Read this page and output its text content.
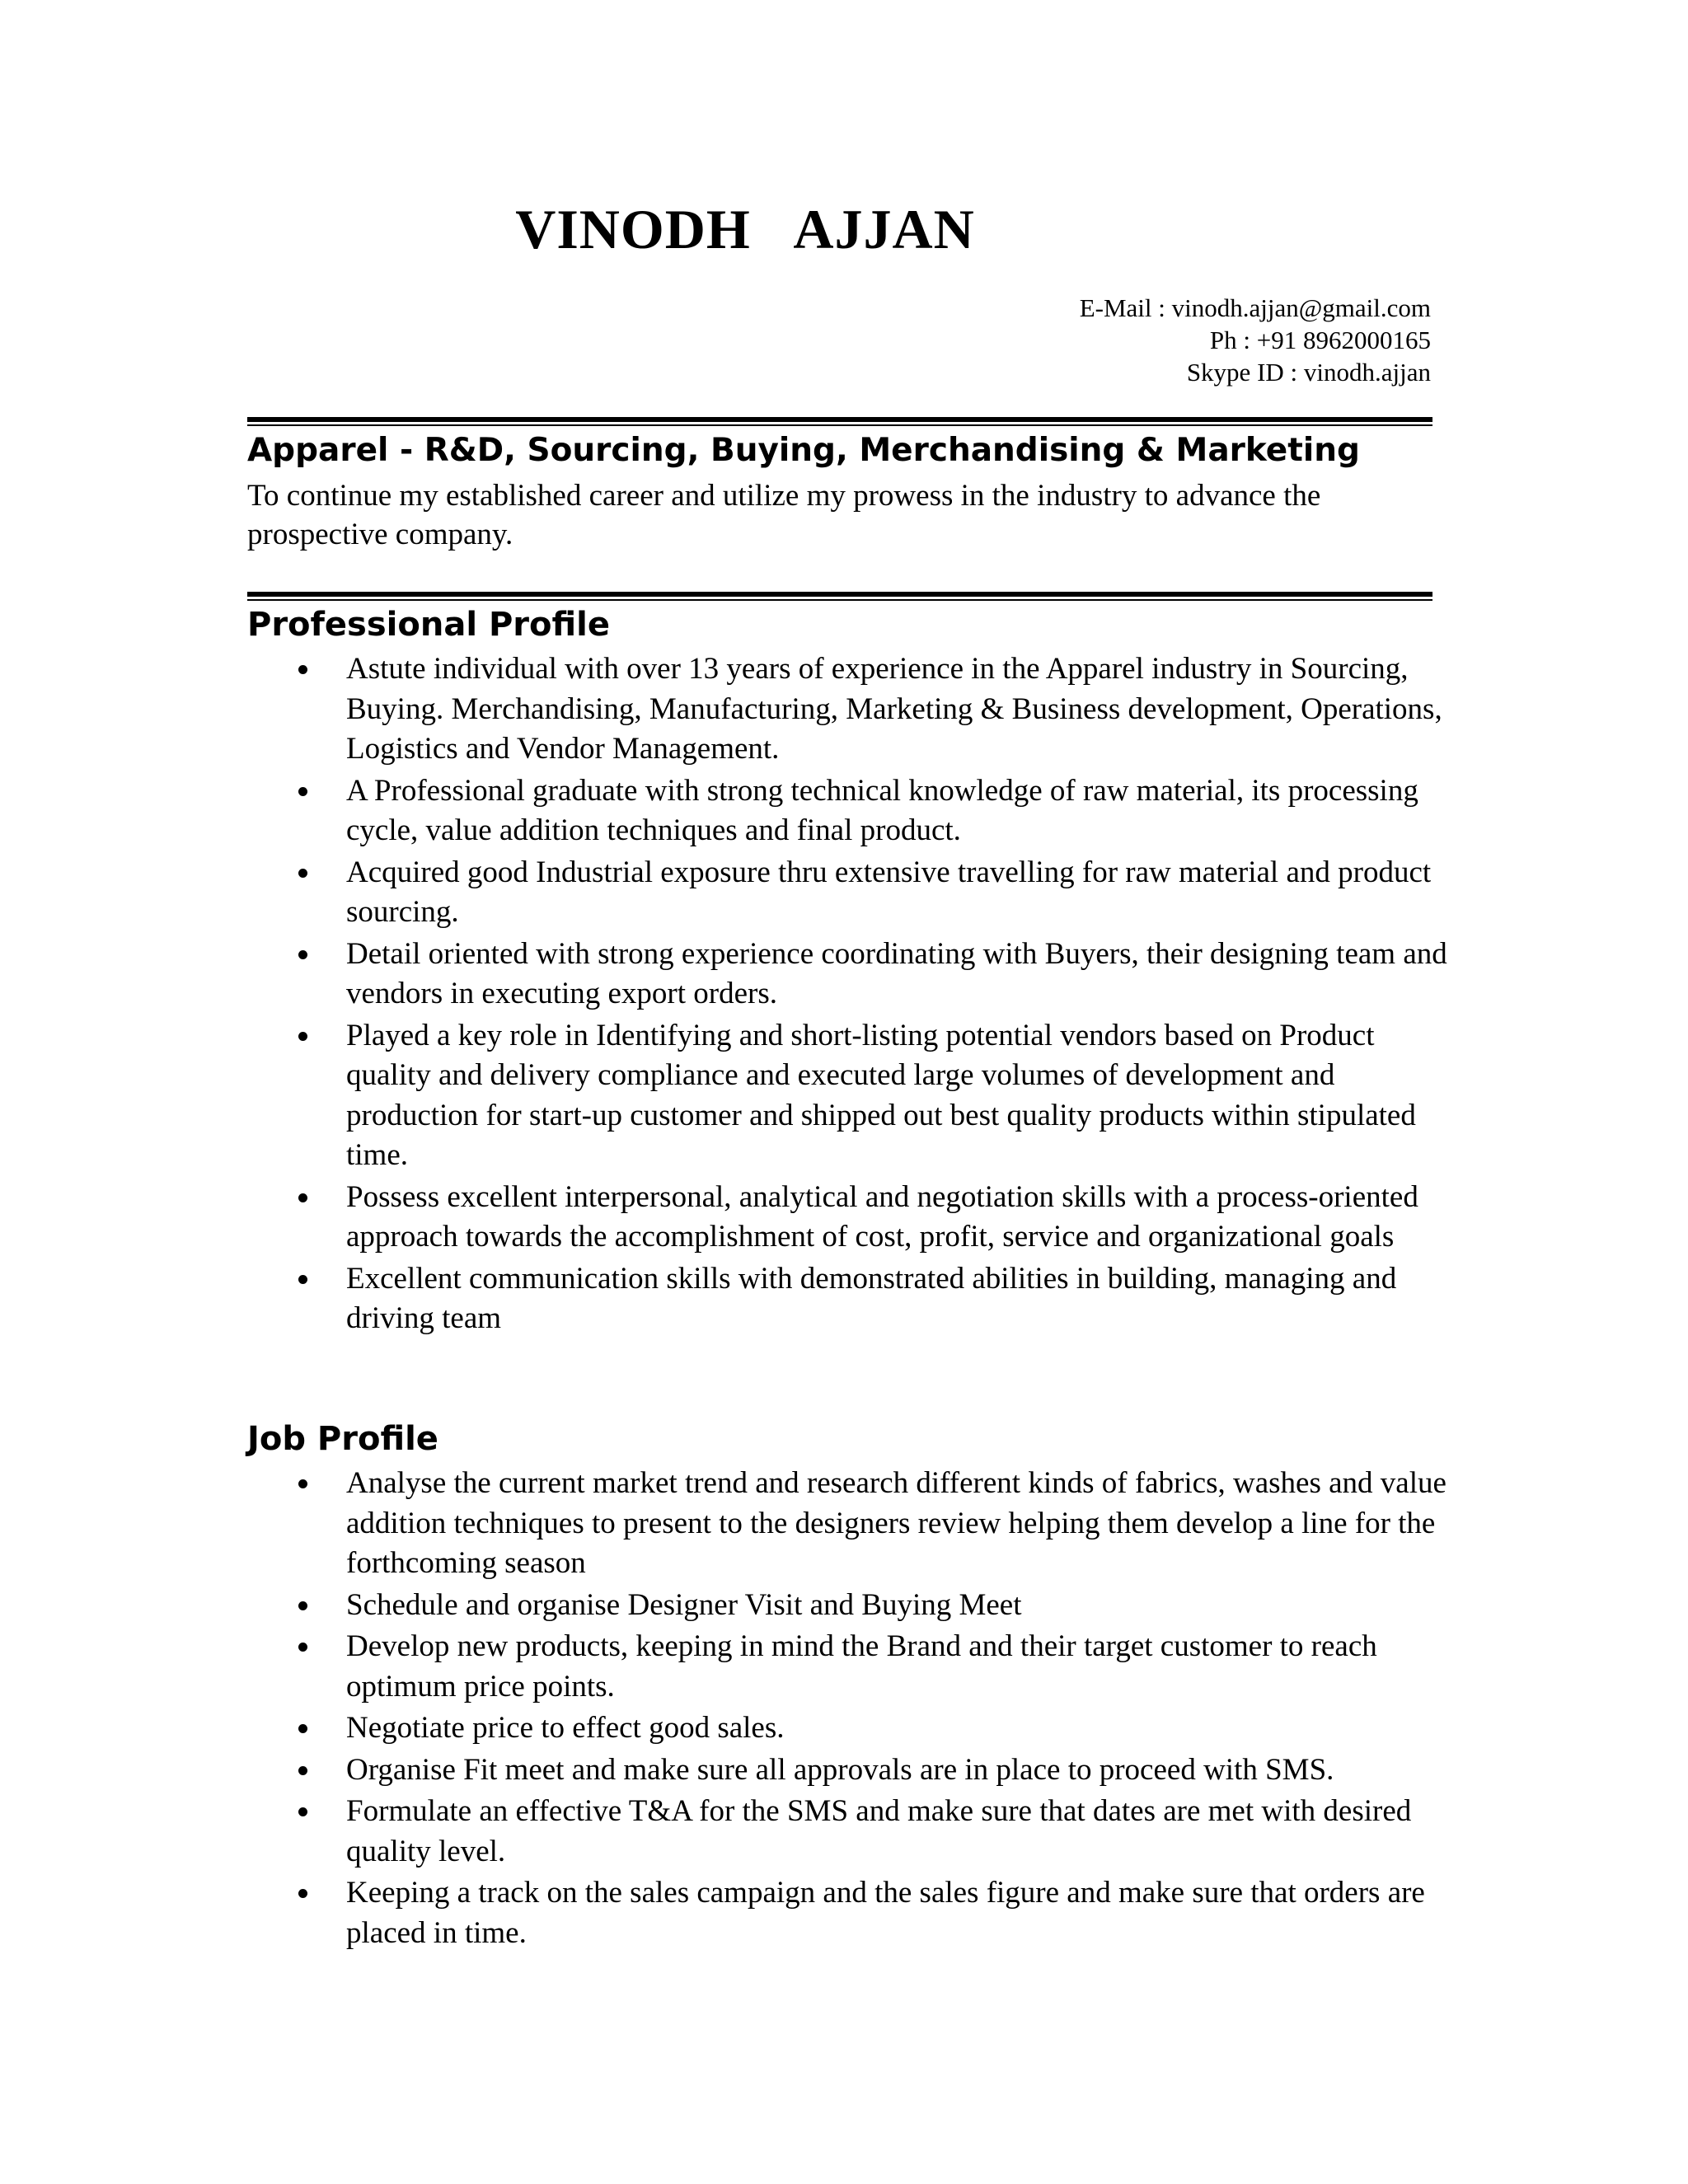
VINODH AJJAN
E-Mail : vinodh.ajjan@gmail.com
Ph : +91 8962000165
Skype ID : vinodh.ajjan
Apparel - R&D, Sourcing, Buying, Merchandising & Marketing
To continue my established career and utilize my prowess in the industry to advance the prospective company.
Professional Profile
Astute individual with over 13 years of experience in the Apparel industry in Sourcing, Buying. Merchandising, Manufacturing, Marketing & Business development, Operations, Logistics and Vendor Management.
A Professional graduate with strong technical knowledge of raw material, its processing cycle, value addition techniques and final product.
Acquired good Industrial exposure thru extensive travelling for raw material and product sourcing.
Detail oriented with strong experience coordinating with Buyers, their designing team and vendors in executing export orders.
Played a key role in Identifying and short-listing potential vendors based on Product quality and delivery compliance and executed large volumes of development and production for start-up customer and shipped out best quality products within stipulated time.
Possess excellent interpersonal, analytical and negotiation skills with a process-oriented approach towards the accomplishment of cost, profit, service and organizational goals
Excellent communication skills with demonstrated abilities in building, managing and driving team
Job Profile
Analyse the current market trend and research different kinds of fabrics, washes and value addition techniques to present to the designers review helping them develop a line for the forthcoming season
Schedule and organise Designer Visit and Buying Meet
Develop new products, keeping in mind the Brand and their target customer to reach optimum price points.
Negotiate price to effect good sales.
Organise Fit meet and make sure all approvals are in place to proceed with SMS.
Formulate an effective T&A for the SMS and make sure that dates are met with desired quality level.
Keeping a track on the sales campaign and the sales figure and make sure that orders are placed in time.
